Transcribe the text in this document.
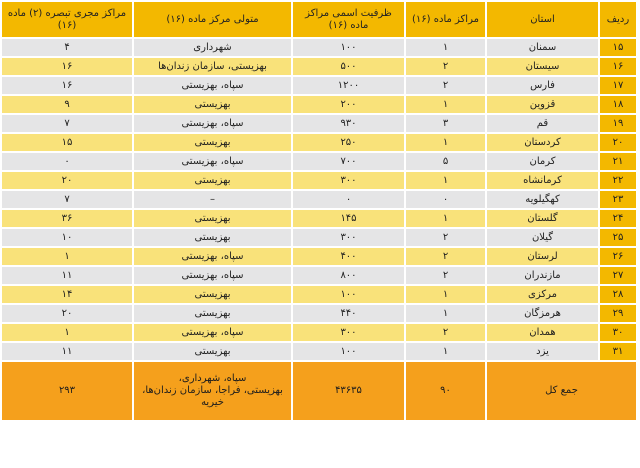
ردیف	استان	مراکز ماده (۱۶)	ظرفیت اسمی مراکز ماده (۱۶)	متولی مرکز ماده (۱۶)	مراکز مجری تبصره (۲) ماده (۱۶)
۱۵	سمنان	۱	۱۰۰	شهرداری	۴
۱۶	سیستان	۲	۵۰۰	بهزیستی، سازمان زندان‌ها	۱۶
۱۷	فارس	۲	۱۲۰۰	سپاه، بهزیستی	۱۶
۱۸	قزوین	۱	۲۰۰	بهزیستی	۹
۱۹	قم	۳	۹۳۰	سپاه، بهزیستی	۷
۲۰	کردستان	۱	۲۵۰	بهزیستی	۱۵
۲۱	کرمان	۵	۷۰۰	سپاه، بهزیستی	۰
۲۲	کرمانشاه	۱	۳۰۰	بهزیستی	۲۰
۲۳	کهگیلویه	۰	۰	–	۷
۲۴	گلستان	۱	۱۴۵	بهزیستی	۳۶
۲۵	گیلان	۲	۳۰۰	بهزیستی	۱۰
۲۶	لرستان	۲	۴۰۰	سپاه، بهزیستی	۱
۲۷	مازندران	۲	۸۰۰	سپاه، بهزیستی	۱۱
۲۸	مرکزی	۱	۱۰۰	بهزیستی	۱۴
۲۹	هرمزگان	۱	۴۴۰	بهزیستی	۲۰
۳۰	همدان	۲	۳۰۰	سپاه، بهزیستی	۱
۳۱	یزد	۱	۱۰۰	بهزیستی	۱۱
جمع کل		۹۰	۴۳۶۳۵	سپاه، شهرداری،
بهزیستی، فراجا، سازمان زندان‌ها،
خیریه	۲۹۳
